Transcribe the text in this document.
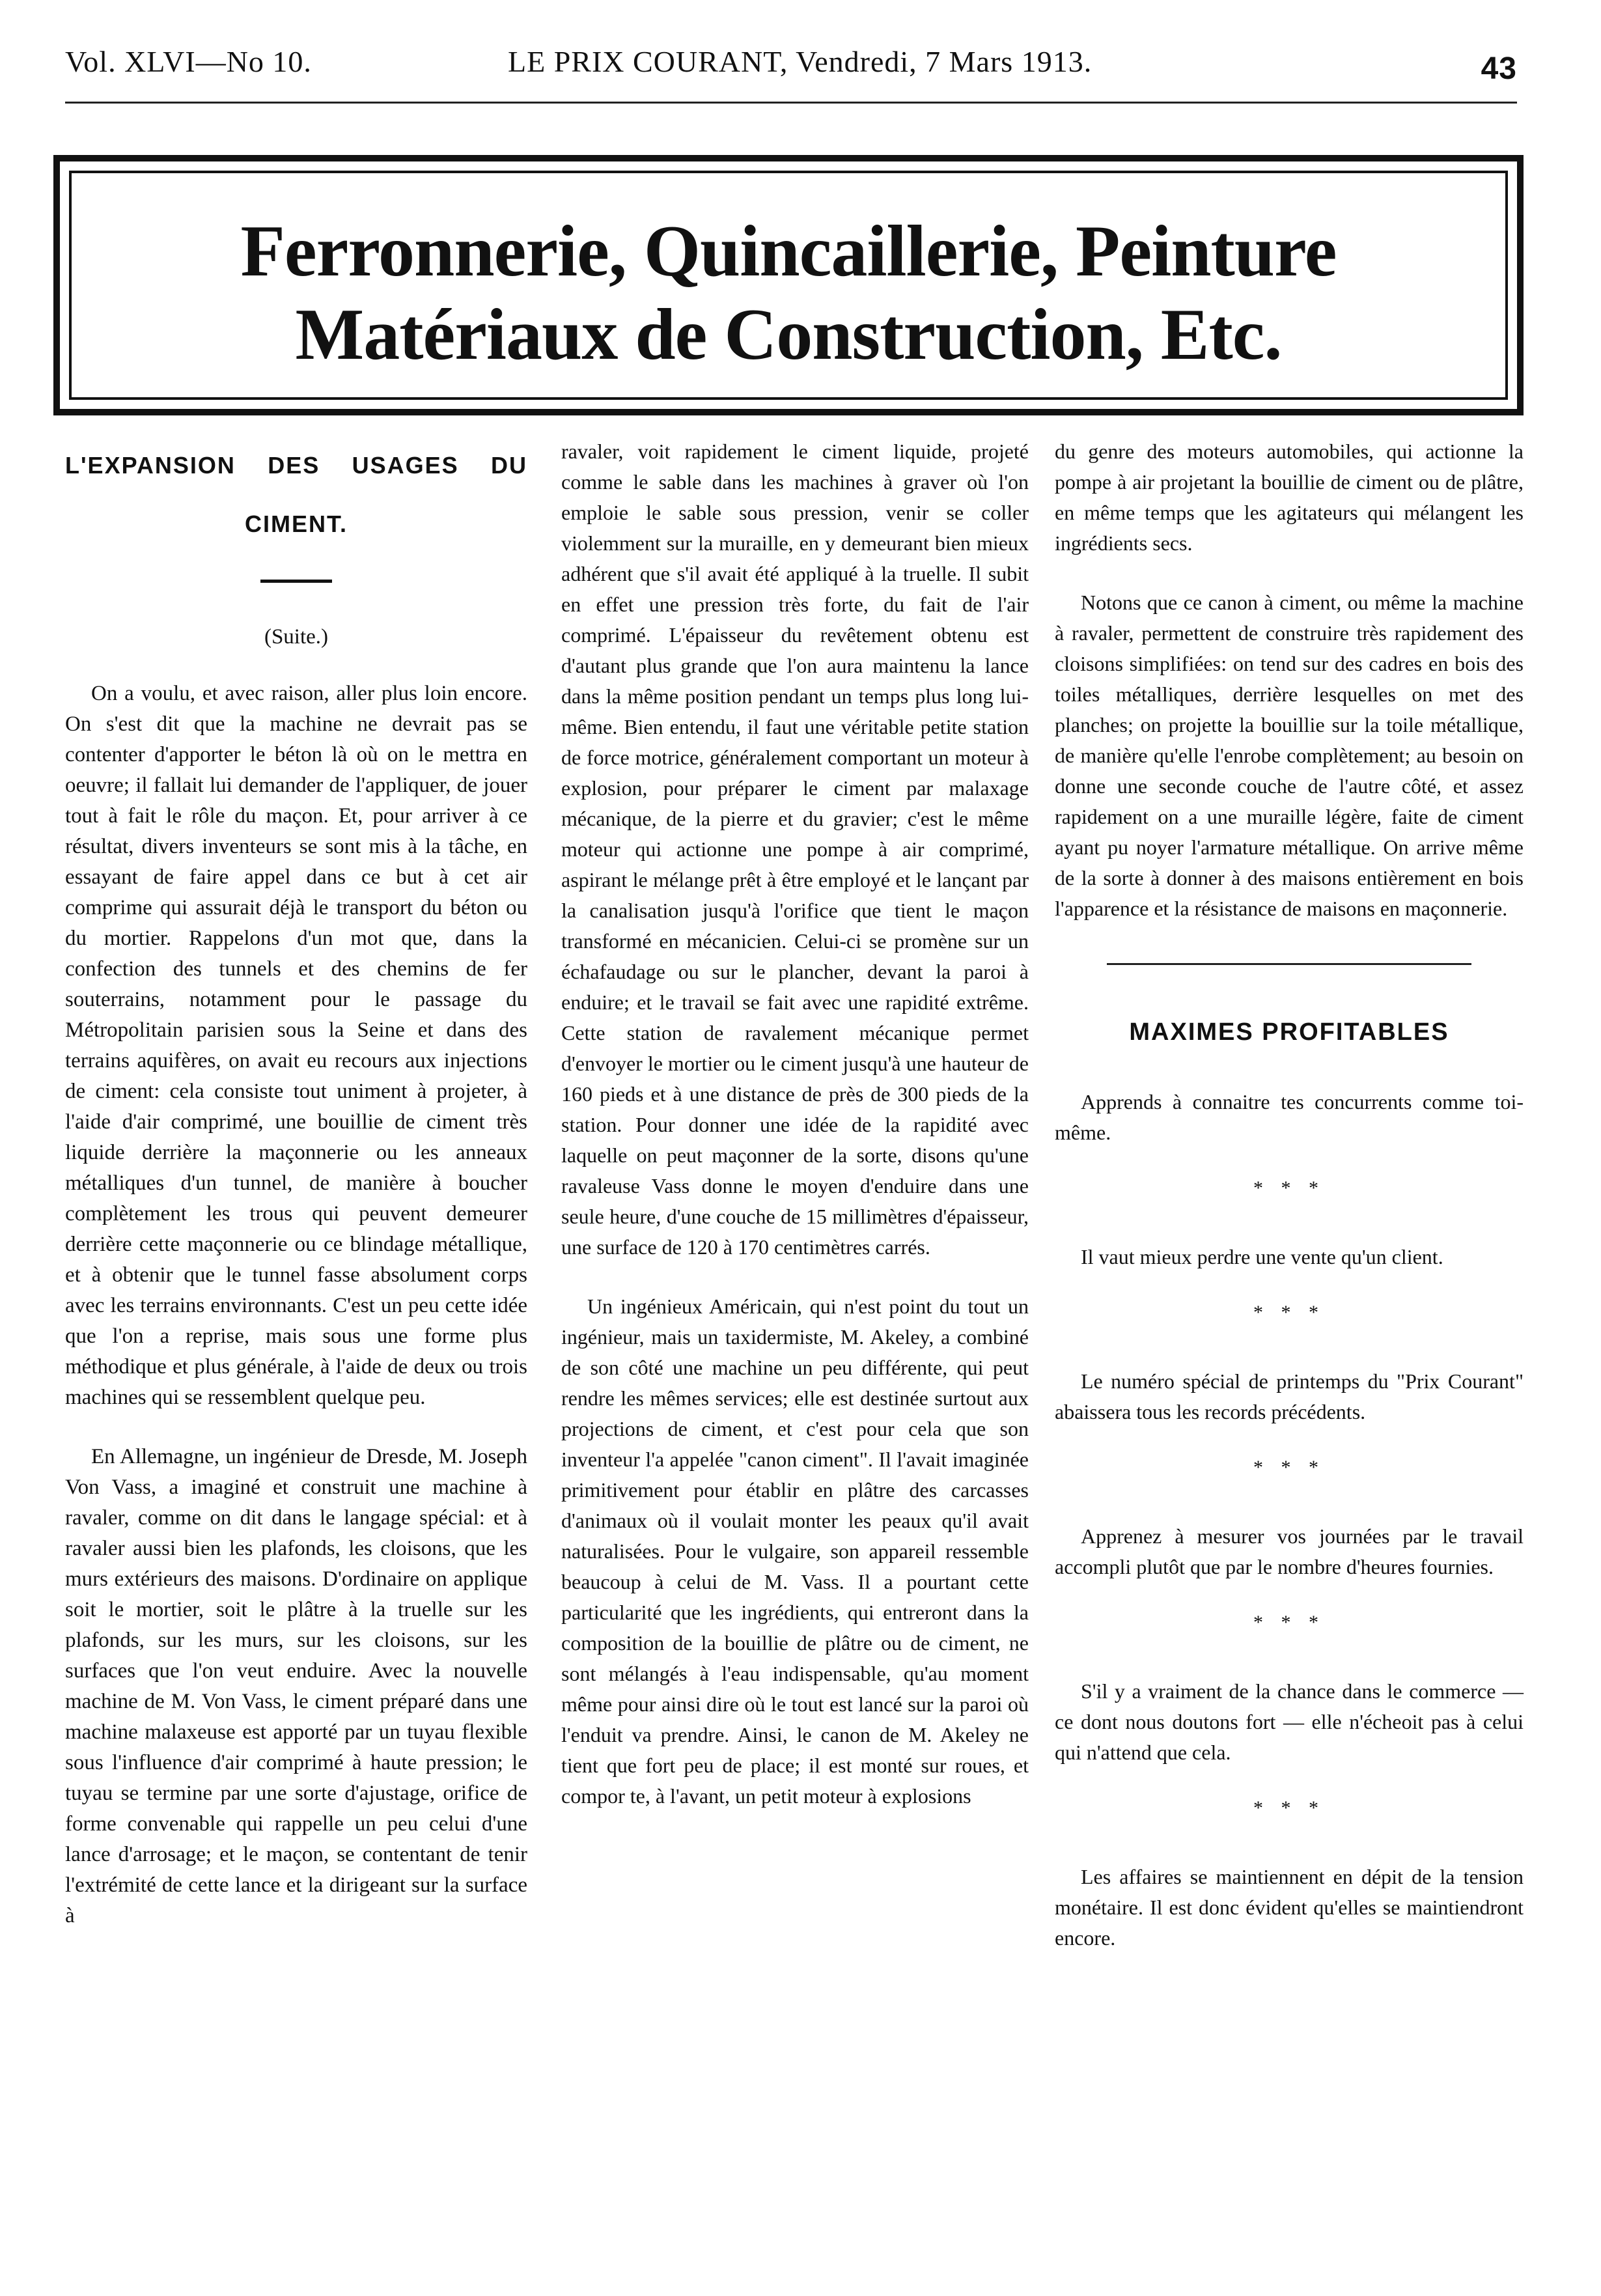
Vol. XLVI—No 10.	LE PRIX COURANT, Vendredi, 7 Mars 1913.	43
Ferronnerie, Quincaillerie, Peinture
Matériaux de Construction, Etc.
L'EXPANSION DES USAGES DU
CIMENT.
(Suite.)

On a voulu, et avec raison, aller plus loin encore. On s'est dit que la machine ne devrait pas se contenter d'apporter le béton là où on le mettra en oeuvre; il fallait lui demander de l'appliquer, de jouer tout à fait le rôle du maçon. Et, pour arriver à ce résultat, divers inventeurs se sont mis à la tâche, en essayant de faire appel dans ce but à cet air comprime qui assurait déjà le transport du béton ou du mortier. Rappelons d'un mot que, dans la confection des tunnels et des chemins de fer souterrains, notamment pour le passage du Métropolitain parisien sous la Seine et dans des terrains aquifères, on avait eu recours aux injections de ciment: cela consiste tout uniment à projeter, à l'aide d'air comprimé, une bouillie de ciment très liquide derrière la maçonnerie ou les anneaux métalliques d'un tunnel, de manière à boucher complètement les trous qui peuvent demeurer derrière cette maçonnerie ou ce blindage métallique, et à obtenir que le tunnel fasse absolument corps avec les terrains environnants. C'est un peu cette idée que l'on a reprise, mais sous une forme plus méthodique et plus générale, à l'aide de deux ou trois machines qui se ressemblent quelque peu.

En Allemagne, un ingénieur de Dresde, M. Joseph Von Vass, a imaginé et construit une machine à ravaler, comme on dit dans le langage spécial: et à ravaler aussi bien les plafonds, les cloisons, que les murs extérieurs des maisons. D'ordinaire on applique soit le mortier, soit le plâtre à la truelle sur les plafonds, sur les murs, sur les cloisons, sur les surfaces que l'on veut enduire. Avec la nouvelle machine de M. Von Vass, le ciment préparé dans une machine malaxeuse est apporté par un tuyau flexible sous l'influence d'air comprimé à haute pression; le tuyau se termine par une sorte d'ajustage, orifice de forme convenable qui rappelle un peu celui d'une lance d'arrosage; et le maçon, se contentant de tenir l'extrémité de cette lance et la dirigeant sur la surface à

ravaler, voit rapidement le ciment liquide, projeté comme le sable dans les machines à graver où l'on emploie le sable sous pression, venir se coller violemment sur la muraille, en y demeurant bien mieux adhérent que s'il avait été appliqué à la truelle. Il subit en effet une pression très forte, du fait de l'air comprimé. L'épaisseur du revêtement obtenu est d'autant plus grande que l'on aura maintenu la lance dans la même position pendant un temps plus long lui-même. Bien entendu, il faut une véritable petite station de force motrice, généralement comportant un moteur à explosion, pour préparer le ciment par malaxage mécanique, de la pierre et du gravier; c'est le même moteur qui actionne une pompe à air comprimé, aspirant le mélange prêt à être employé et le lançant par la canalisation jusqu'à l'orifice que tient le maçon transformé en mécanicien. Celui-ci se promène sur un échafaudage ou sur le plancher, devant la paroi à enduire; et le travail se fait avec une rapidité extrême. Cette station de ravalement mécanique permet d'envoyer le mortier ou le ciment jusqu'à une hauteur de 160 pieds et à une distance de près de 300 pieds de la station. Pour donner une idée de la rapidité avec laquelle on peut maçonner de la sorte, disons qu'une ravaleuse Vass donne le moyen d'enduire dans une seule heure, d'une couche de 15 millimètres d'épaisseur, une surface de 120 à 170 centimètres carrés.

Un ingénieux Américain, qui n'est point du tout un ingénieur, mais un taxidermiste, M. Akeley, a combiné de son côté une machine un peu différente, qui peut rendre les mêmes services; elle est destinée surtout aux projections de ciment, et c'est pour cela que son inventeur l'a appelée "canon ciment". Il l'avait imaginée primitivement pour établir en plâtre des carcasses d'animaux où il voulait monter les peaux qu'il avait naturalisées. Pour le vulgaire, son appareil ressemble beaucoup à celui de M. Vass. Il a pourtant cette particularité que les ingrédients, qui entreront dans la composition de la bouillie de plâtre ou de ciment, ne sont mélangés à l'eau indispensable, qu'au moment même pour ainsi dire où le tout est lancé sur la paroi où l'enduit va prendre. Ainsi, le canon de M. Akeley ne tient que fort peu de place; il est monté sur roues, et compor te, à l'avant, un petit moteur à explosions

du genre des moteurs automobiles, qui actionne la pompe à air projetant la bouillie de ciment ou de plâtre, en même temps que les agitateurs qui mélangent les ingrédients secs.

Notons que ce canon à ciment, ou même la machine à ravaler, permettent de construire très rapidement des cloisons simplifiées: on tend sur des cadres en bois des toiles métalliques, derrière lesquelles on met des planches; on projette la bouillie sur la toile métallique, de manière qu'elle l'enrobe complètement; au besoin on donne une seconde couche de l'autre côté, et assez rapidement on a une muraille légère, faite de ciment ayant pu noyer l'armature métallique. On arrive même de la sorte à donner à des maisons entièrement en bois l'apparence et la résistance de maisons en maçonnerie.

MAXIMES PROFITABLES

Apprends à connaitre tes concurrents comme toi-même.

* * *

Il vaut mieux perdre une vente qu'un client.

* * *

Le numéro spécial de printemps du "Prix Courant" abaissera tous les records précédents.

* * *

Apprenez à mesurer vos journées par le travail accompli plutôt que par le nombre d'heures fournies.

* * *

S'il y a vraiment de la chance dans le commerce — ce dont nous doutons fort — elle n'écheoit pas à celui qui n'attend que cela.

* * *

Les affaires se maintiennent en dépit de la tension monétaire. Il est donc évident qu'elles se maintiendront encore.
